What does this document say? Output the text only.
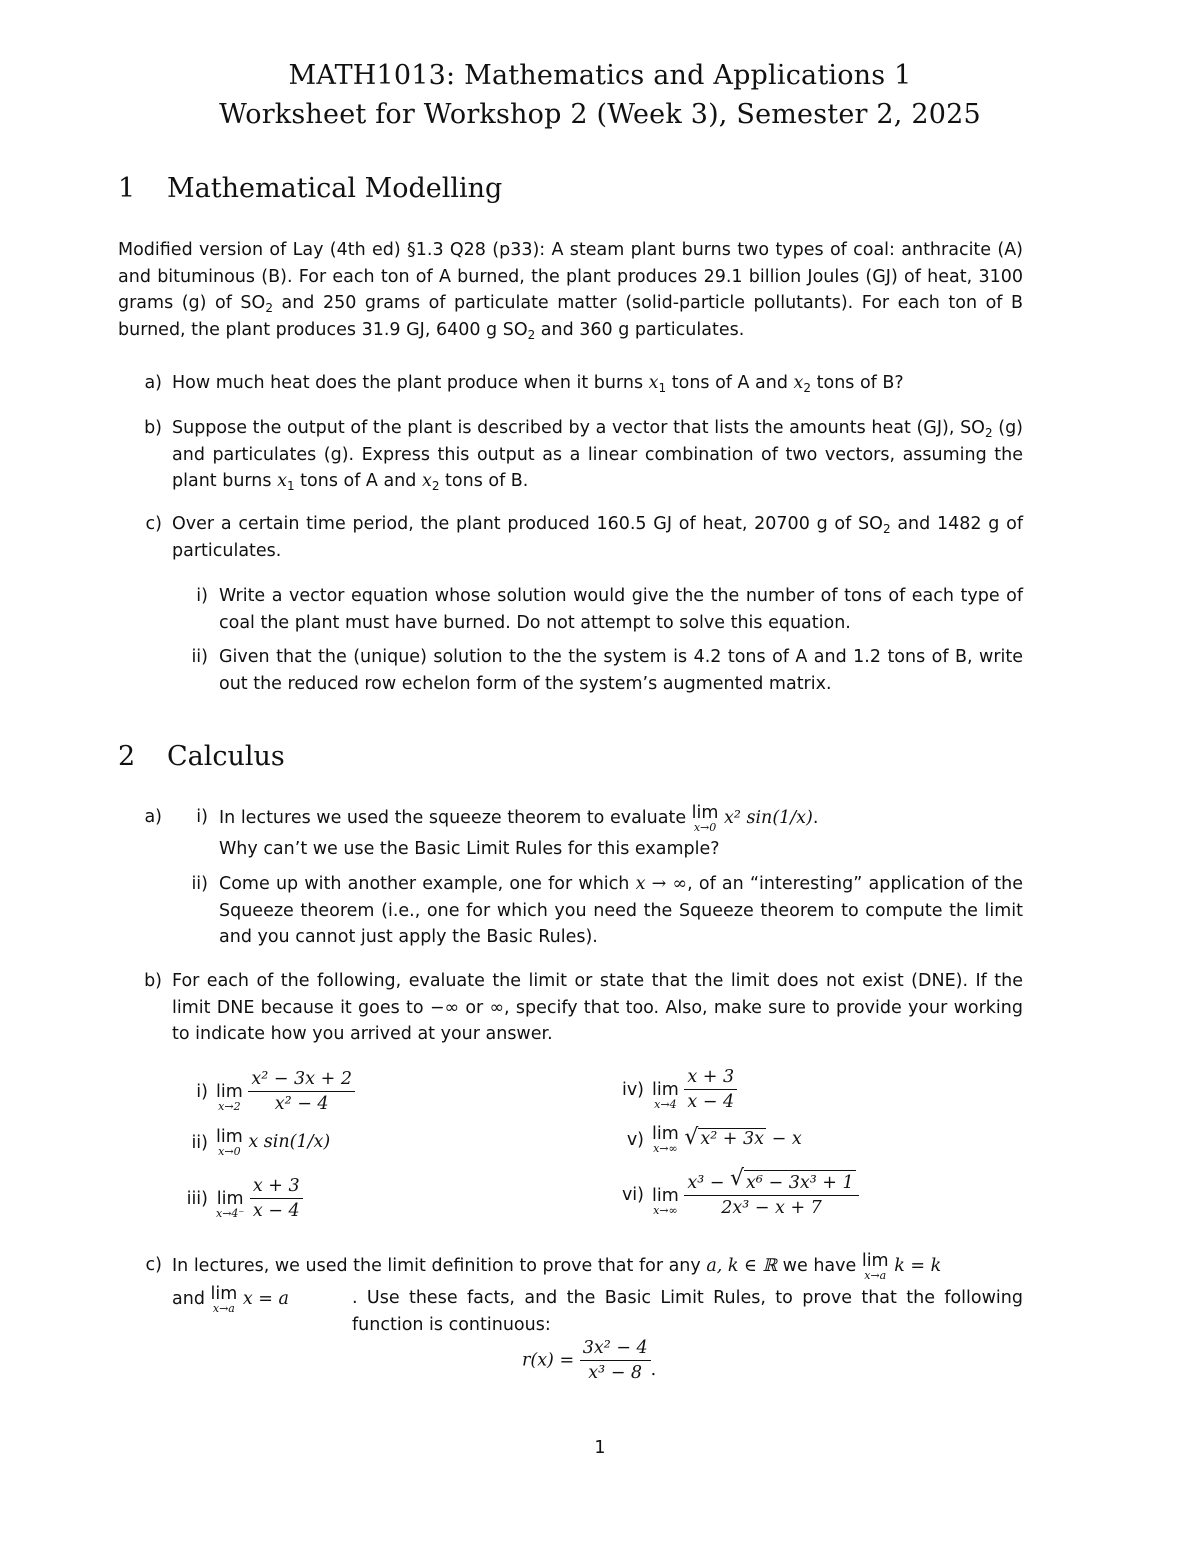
MATH1013: Mathematics and Applications 1
Worksheet for Workshop 2 (Week 3), Semester 2, 2025
1 Mathematical Modelling
Modified version of Lay (4th ed) §1.3 Q28 (p33): A steam plant burns two types of coal: anthracite (A) and bituminous (B). For each ton of A burned, the plant produces 29.1 billion Joules (GJ) of heat, 3100 grams (g) of $SO_2$ and 250 grams of particulate matter (solid-particle pollutants). For each ton of B burned, the plant produces 31.9 GJ, 6400 g $SO_2$ and 360 g particulates.
a) How much heat does the plant produce when it burns $x_1$ tons of A and $x_2$ tons of B?
b) Suppose the output of the plant is described by a vector that lists the amounts heat (GJ), $SO_2$ (g) and particulates (g). Express this output as a linear combination of two vectors, assuming the plant burns $x_1$ tons of A and $x_2$ tons of B.
c) Over a certain time period, the plant produced 160.5 GJ of heat, 20700 g of $SO_2$ and 1482 g of particulates.
i) Write a vector equation whose solution would give the the number of tons of each type of coal the plant must have burned. Do not attempt to solve this equation.
ii) Given that the (unique) solution to the the system is 4.2 tons of A and 1.2 tons of B, write out the reduced row echelon form of the system’s augmented matrix.
2 Calculus
a)	i) In lectures we used the squeeze theorem to evaluate lim
x→0 x² sin(1/x).
Why can’t we use the Basic Limit Rules for this example?
ii) Come up with another example, one for which x → ∞, of an “interesting” application of the Squeeze theorem (i.e., one for which you need the Squeeze theorem to compute the limit and you cannot just apply the Basic Rules).
b) For each of the following, evaluate the limit or state that the limit does not exist (DNE). If the limit DNE because it goes to −∞ or ∞, specify that too. Also, make sure to provide your working to indicate how you arrived at your answer.
i) lim
x→2
$\frac{\text{x² − 3x + 2}}{\text{x² − 4}}$
ii) lim
x→0 x sin(1/x)
iii) lim
x→4⁻
$\frac{x + 3}{x - 4}$
iv) lim
x→4
$\frac{x + 3}{x - 4}$
v) lim
x→∞
√ x² + 3x − x
vi) lim
x→∞
$\frac{\text{x³ − √ x⁶ − 3x³ + 1}}{\text{2x³ − x + 7}}$
c) In lectures, we used the limit definition to prove that for any a, k ∈ ℝ we have lim
x→a k = k
and lim
x→a x = a	. Use these facts, and the Basic Limit Rules, to prove that the following function is continuous:
$r(x) = \frac{\text{3x² − 4}}{\text{x³ − 8}}$ .
1
